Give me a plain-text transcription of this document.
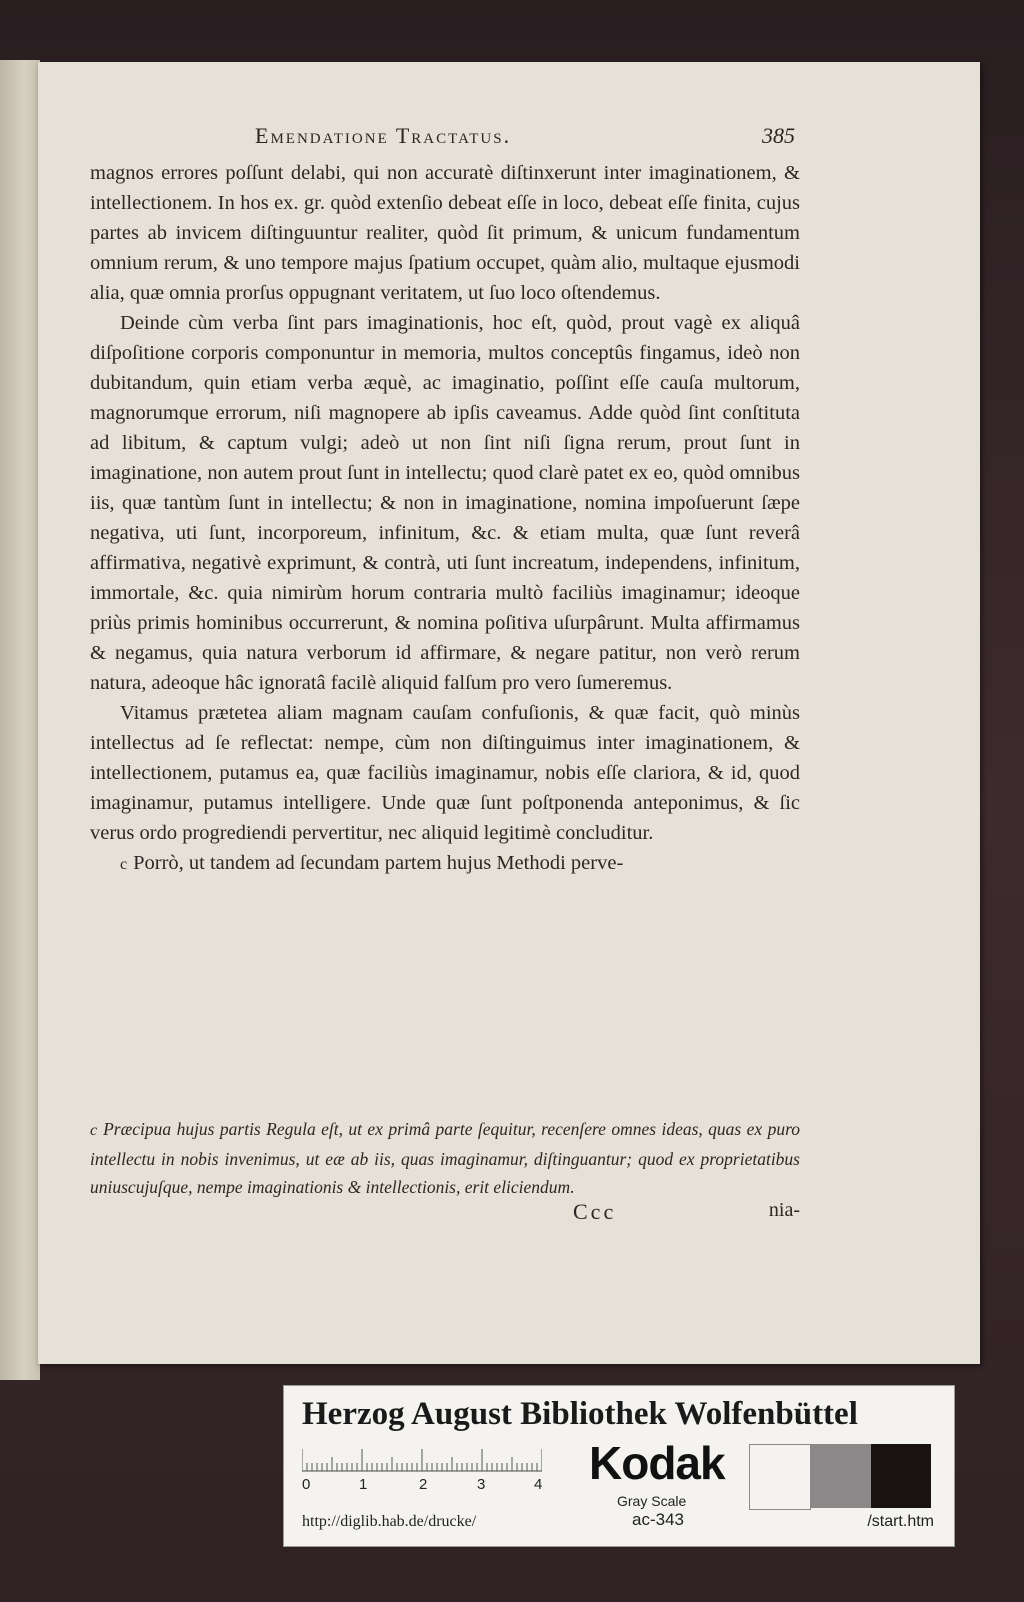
Emendatione Tractatus.	385

magnos errores poſſunt delabi, qui non accuratè diſtinxerunt inter imaginationem, & intellectionem. In hos ex. gr. quòd extenſio debeat eſſe in loco, debeat eſſe finita, cujus partes ab invicem diſtinguuntur realiter, quòd ſit primum, & unicum fundamentum omnium rerum, & uno tempore majus ſpatium occupet, quàm alio, multaque ejusmodi alia, quæ omnia prorſus oppugnant veritatem, ut ſuo loco oſtendemus.

Deinde cùm verba ſint pars imaginationis, hoc eſt, quòd, prout vagè ex aliquâ diſpoſitione corporis componuntur in memoria, multos conceptûs fingamus, ideò non dubitandum, quin etiam verba æquè, ac imaginatio, poſſint eſſe cauſa multorum, magnorumque errorum, niſi magnopere ab ipſis caveamus. Adde quòd ſint conſtituta ad libitum, & captum vulgi; adeò ut non ſint niſi ſigna rerum, prout ſunt in imaginatione, non autem prout ſunt in intellectu; quod clarè patet ex eo, quòd omnibus iis, quæ tantùm ſunt in intellectu; & non in imaginatione, nomina impoſuerunt ſæpe negativa, uti ſunt, incorporeum, infinitum, &c. & etiam multa, quæ ſunt reverâ affirmativa, negativè exprimunt, & contrà, uti ſunt increatum, independens, infinitum, immortale, &c. quia nimirùm horum contraria multò faciliùs imaginamur; ideoque priùs primis hominibus occurrerunt, & nomina poſitiva uſurpârunt. Multa affirmamus & negamus, quia natura verborum id affirmare, & negare patitur, non verò rerum natura, adeoque hâc ignoratâ facilè aliquid falſum pro vero ſumeremus.

Vitamus prætetea aliam magnam cauſam confuſionis, & quæ facit, quò minùs intellectus ad ſe reflectat: nempe, cùm non diſtinguimus inter imaginationem, & intellectionem, putamus ea, quæ faciliùs imaginamur, nobis eſſe clariora, & id, quod imaginamur, putamus intelligere. Unde quæ ſunt poſtponenda anteponimus, & ſic verus ordo progrediendi pervertitur, nec aliquid legitimè concluditur.

c Porrò, ut tandem ad ſecundam partem hujus Methodi perve-

c Præcipua hujus partis Regula eſt, ut ex primâ parte ſequitur, recenſere omnes ideas, quas ex puro intellectu in nobis invenimus, ut eæ ab iis, quas imaginamur, diſtinguantur; quod ex proprietatibus uniuscujuſque, nempe imaginationis & intellectionis, erit eliciendum.
Ccc	nia-
Herzog August Bibliothek Wolfenbüttel
0	1	2	3	4 Kodak
Gray Scale
http://diglib.hab.de/drucke/	ac-343	/start.htm
